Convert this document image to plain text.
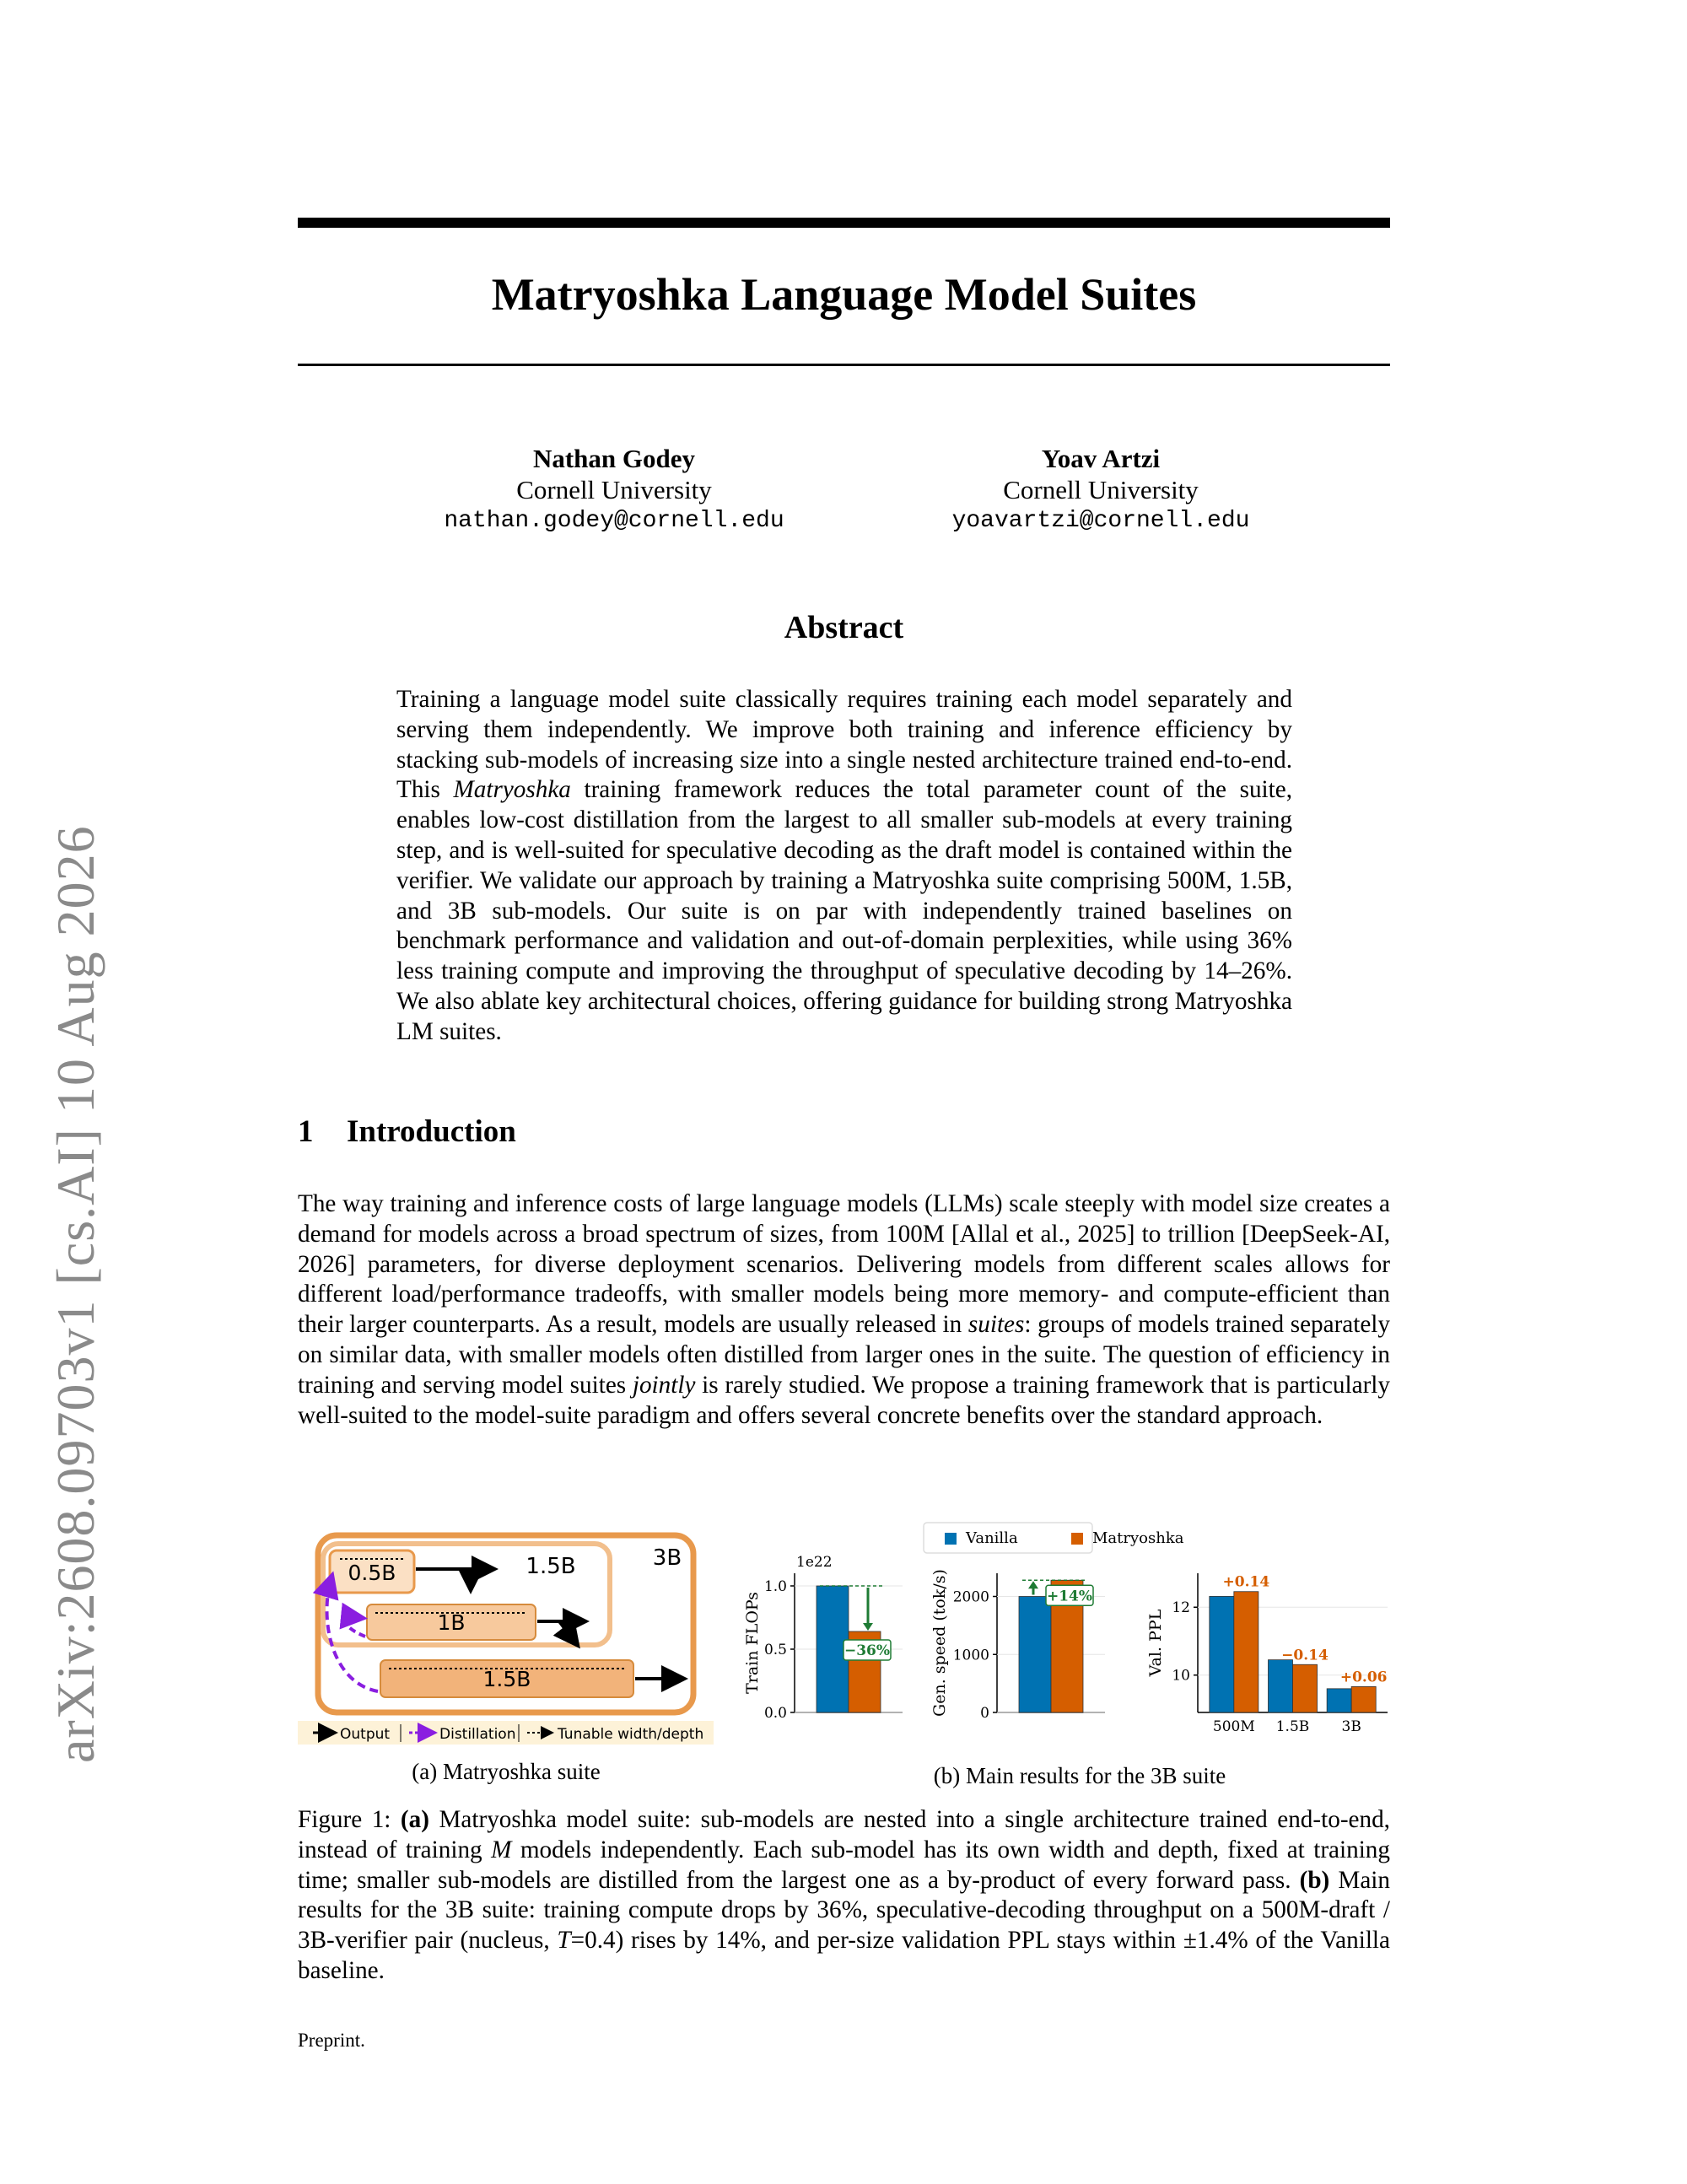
arXiv:2608.09703v1 [cs.AI] 10 Aug 2026
Matryoshka Language Model Suites
Nathan Godey
Cornell University
nathan.godey@cornell.edu
Yoav Artzi
Cornell University
yoavartzi@cornell.edu
Abstract
Training a language model suite classically requires training each model separately and serving them independently. We improve both training and inference efficiency by stacking sub-models of increasing size into a single nested architecture trained end-to-end. This Matryoshka training framework reduces the total parameter count of the suite, enables low-cost distillation from the largest to all smaller sub-models at every training step, and is well-suited for speculative decoding as the draft model is contained within the verifier. We validate our approach by training a Matryoshka suite comprising 500M, 1.5B, and 3B sub-models. Our suite is on par with independently trained baselines on benchmark performance and validation and out-of-domain perplexities, while using 36% less training compute and improving the throughput of speculative decoding by 14–26%. We also ablate key architectural choices, offering guidance for building strong Matryoshka LM suites.
1 Introduction
The way training and inference costs of large language models (LLMs) scale steeply with model size creates a demand for models across a broad spectrum of sizes, from 100M [Allal et al., 2025] to trillion [DeepSeek-AI, 2026] parameters, for diverse deployment scenarios. Delivering models from different scales allows for different load/performance tradeoffs, with smaller models being more memory- and compute-efficient than their larger counterparts. As a result, models are usually released in suites: groups of models trained separately on similar data, with smaller models often distilled from larger ones in the suite. The question of efficiency in training and serving model suites jointly is rarely studied. We propose a training framework that is particularly well-suited to the model-suite paradigm and offers several concrete benefits over the standard approach.
0.5B	1.5B	3B
1B
1.5B
Output	Distillation	Tunable width/depth
(a) Matryoshka suite
Vanilla	Matryoshka
0.0
0.5
1.0
Train FLOPs
1e22
−36%
0
1000
2000
Gen. speed (tok/s)	+14%
10
12
Val. PPL
500M
+0.14
1.5B
−0.14
3B
+0.06
(b) Main results for the 3B suite
Figure 1: (a) Matryoshka model suite: sub-models are nested into a single architecture trained end-to-end, instead of training M models independently. Each sub-model has its own width and depth, fixed at training time; smaller sub-models are distilled from the largest one as a by-product of every forward pass. (b) Main results for the 3B suite: training compute drops by 36%, speculative-decoding throughput on a 500M-draft / 3B-verifier pair (nucleus, T=0.4) rises by 14%, and per-size validation PPL stays within ±1.4% of the Vanilla baseline.
Preprint.
